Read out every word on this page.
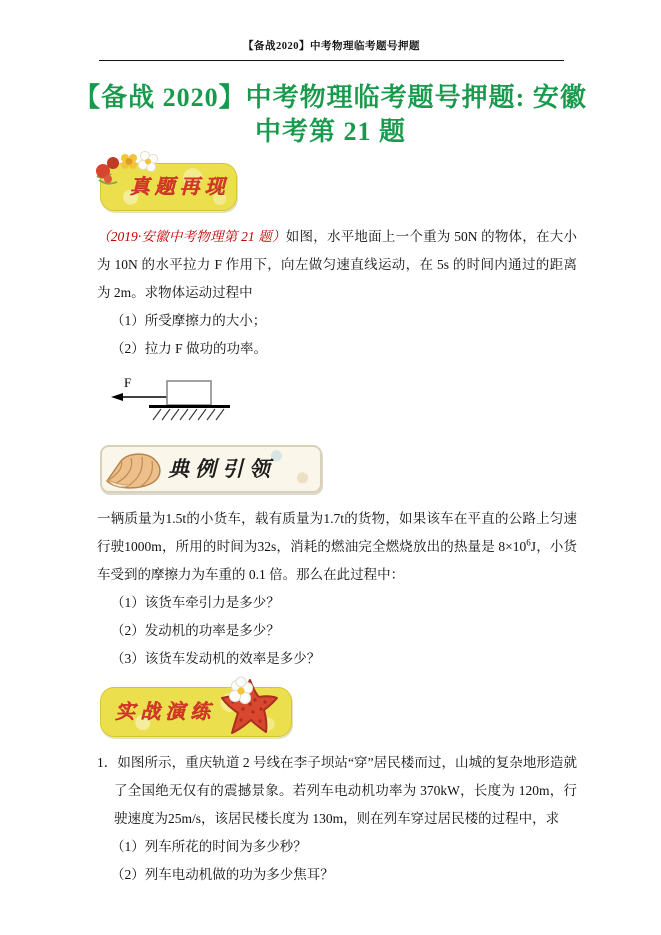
【备战2020】中考物理临考题号押题
【备战 2020】中考物理临考题号押题: 安徽中考第 21 题
真题再现

（2019·安徽中考物理第 21 题）如图，水平地面上一个重为 50N 的物体，在大小为 10N 的水平拉力 F 作用下，向左做匀速直线运动，在 5s 的时间内通过的距离为 2m。求物体运动过程中

（1）所受摩擦力的大小；

（2）拉力 F 做功的功率。

F
典例引领

一辆质量为1.5t的小货车，载有质量为1.7t的货物，如果该车在平直的公路上匀速行驶1000m，所用的时间为32s，消耗的燃油完全燃烧放出的热量是 $8\times 10^6J$，小货车受到的摩擦力为车重的 0.1 倍。那么在此过程中：

（1）该货车牵引力是多少？

（2）发动机的功率是多少？

（3）该货车发动机的效率是多少？

实战演练

1．如图所示，重庆轨道 2 号线在李子坝站“穿”居民楼而过，山城的复杂地形造就了全国绝无仅有的震撼景象。若列车电动机功率为 370kW，长度为 120m，行驶速度为25m/s，该居民楼长度为 130m，则在列车穿过居民楼的过程中，求

（1）列车所花的时间为多少秒？

（2）列车电动机做的功为多少焦耳？
